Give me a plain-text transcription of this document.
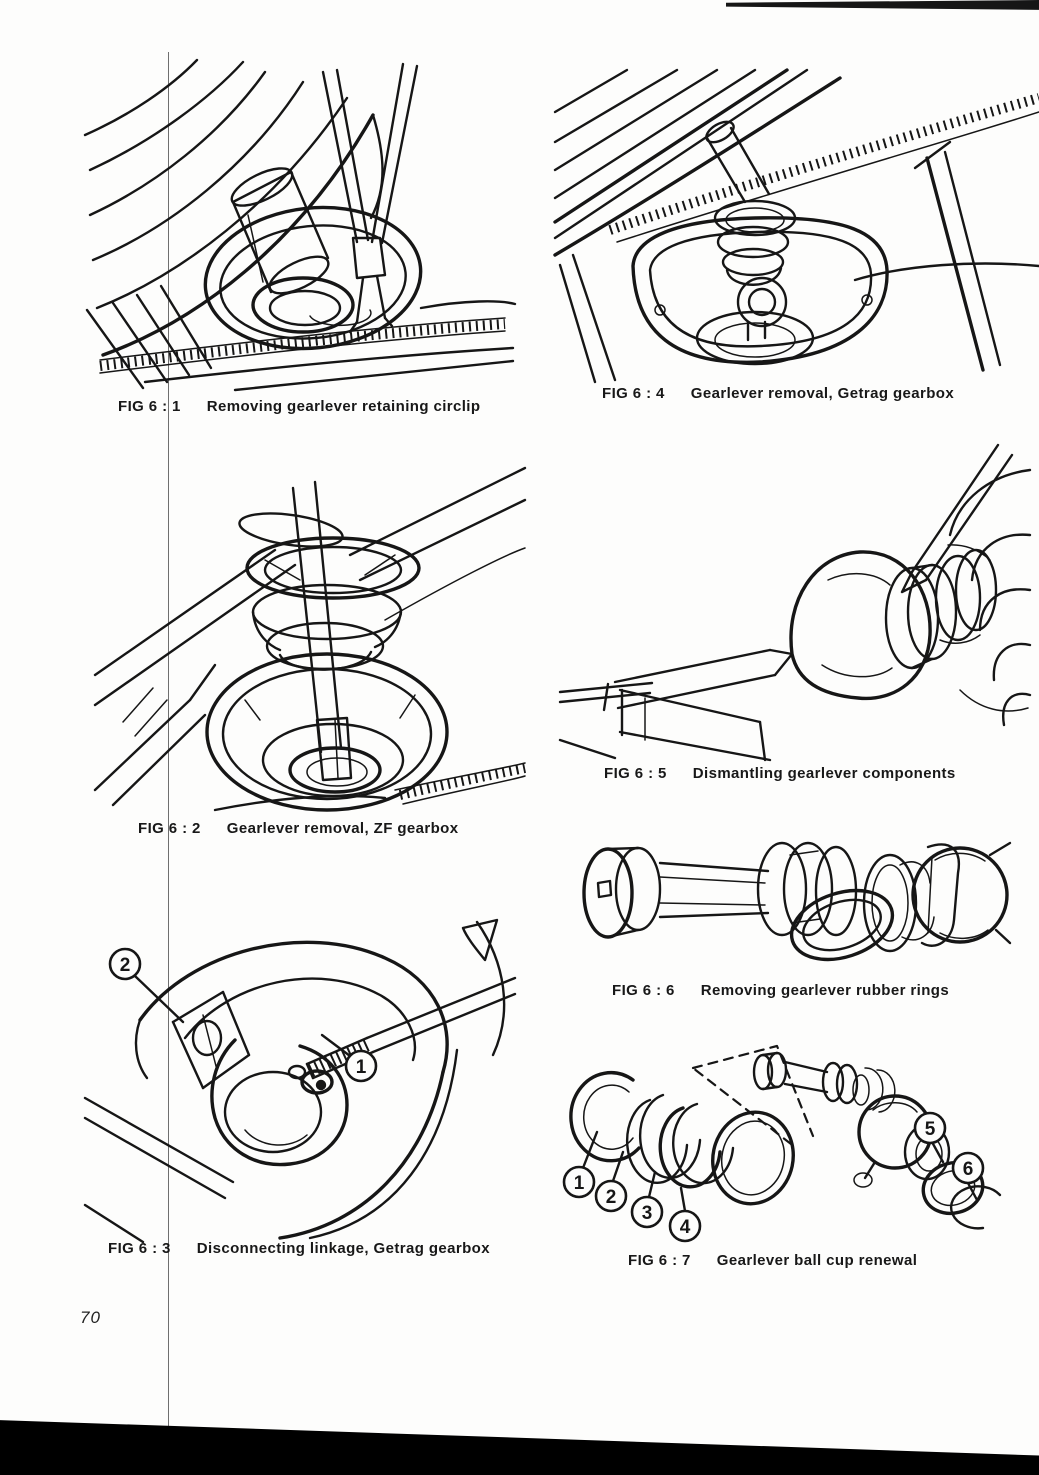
2
1
1
2
3
4
5
6
FIG 6 : 1 Removing gearlever retaining circlip
FIG 6 : 4 Gearlever removal, Getrag gearbox
FIG 6 : 2 Gearlever removal, ZF gearbox
FIG 6 : 5 Dismantling gearlever components
FIG 6 : 6 Removing gearlever rubber rings
FIG 6 : 3 Disconnecting linkage, Getrag gearbox
FIG 6 : 7 Gearlever ball cup renewal
70
